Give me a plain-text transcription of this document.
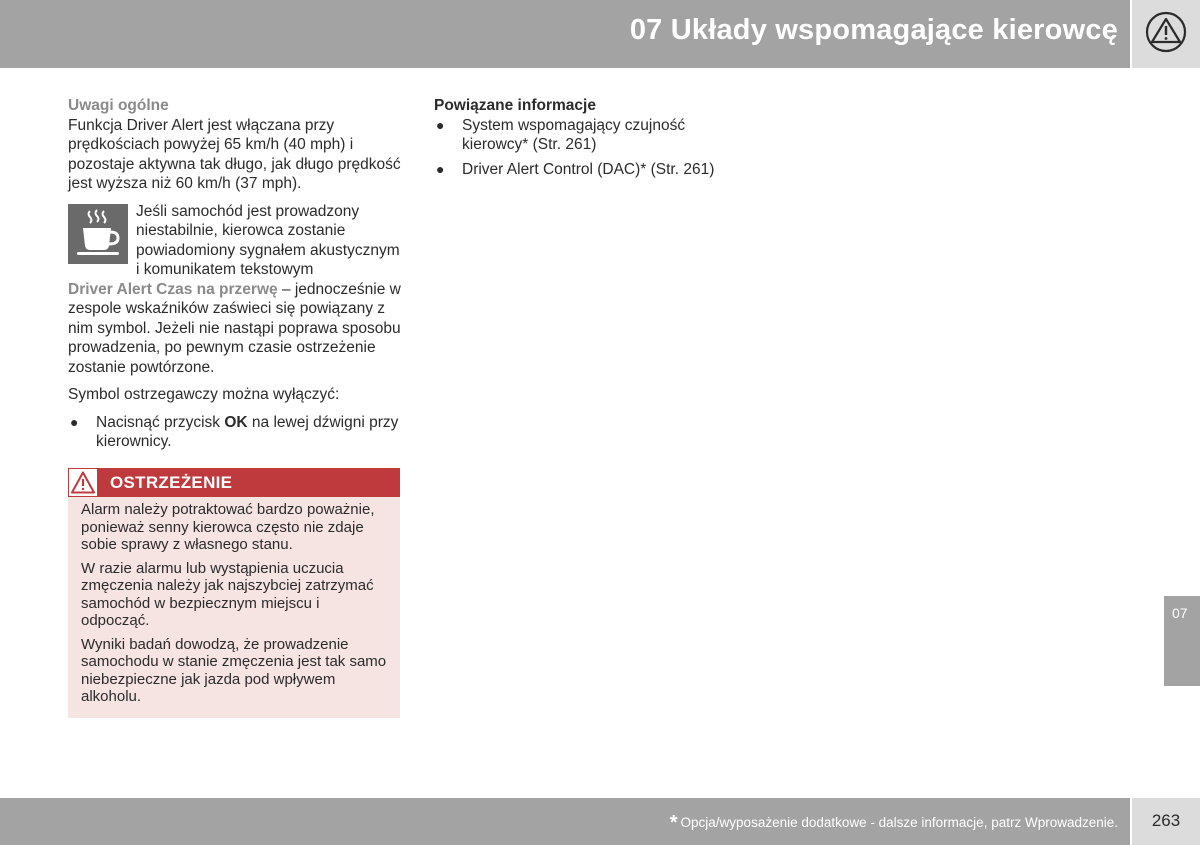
07 Układy wspomagające kierowcę

Uwagi ogólne

Funkcja Driver Alert jest włączana przy prędkościach powyżej 65 km/h (40 mph) i pozostaje aktywna tak długo, jak długo prędkość jest wyższa niż 60 km/h (37 mph).

Jeśli samochód jest prowadzony niestabilnie, kierowca zostanie powiadomiony sygnałem akustycznym i komunikatem tekstowym

Driver Alert Czas na przerwę – jednocześnie w zespole wskaźników zaświeci się powiązany z nim symbol. Jeżeli nie nastąpi poprawa sposobu prowadzenia, po pewnym czasie ostrzeżenie zostanie powtórzone.

Symbol ostrzegawczy można wyłączyć:

● Nacisnąć przycisk OK na lewej dźwigni przy kierownicy.
OSTRZEŻENIE

Alarm należy potraktować bardzo poważnie, ponieważ senny kierowca często nie zdaje sobie sprawy z własnego stanu.

W razie alarmu lub wystąpienia uczucia zmęczenia należy jak najszybciej zatrzymać samochód w bezpiecznym miejscu i odpocząć.

Wyniki badań dowodzą, że prowadzenie samochodu w stanie zmęczenia jest tak samo niebezpieczne jak jazda pod wpływem alkoholu.

Powiązane informacje

● System wspomagający czujność kierowcy* (Str. 261)
● Driver Alert Control (DAC)* (Str. 261)
07
* Opcja/wyposażenie dodatkowe - dalsze informacje, patrz Wprowadzenie.	263
